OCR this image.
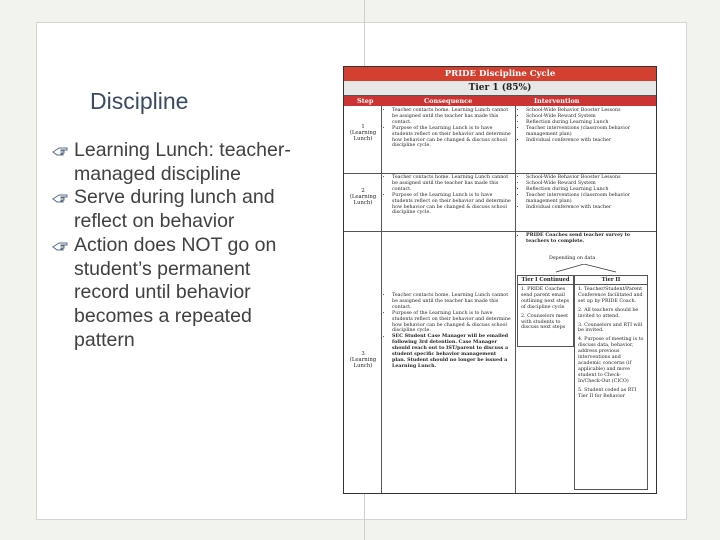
Discipline
Learning Lunch: teacher-managed discipline
Serve during lunch and reflect on behavior
Action does NOT go on student’s permanent record until behavior becomes a repeated pattern
PRIDE Discipline Cycle
Tier 1 (85%)
Step	Consequence	Intervention
1
(Learning Lunch)
• Teacher contacts home. Learning Lunch cannot be assigned until the teacher has made this contact.
• Purpose of the Learning Lunch is to have students reflect on their behavior and determine how behavior can be changed & discuss school discipline cycle.
• School-Wide Behavior Booster Lessons
• School-Wide Reward System
• Reflection during Learning Lunch
• Teacher interventions (classroom behavior management plan)
• Individual conference with teacher
2
(Learning Lunch)
• Teacher contacts home. Learning Lunch cannot be assigned until the teacher has made this contact.
• Purpose of the Learning Lunch is to have students reflect on their behavior and determine how behavior can be changed & discuss school discipline cycle.
• School-Wide Behavior Booster Lessons
• School-Wide Reward System
• Reflection during Learning Lunch
• Teacher interventions (classroom behavior management plan)
• Individual conference with teacher
3
(Learning Lunch)
• Teacher contacts home. Learning Lunch cannot be assigned until the teacher has made this contact.
• Purpose of the Learning Lunch is to have students reflect on their behavior and determine how behavior can be changed & discuss school discipline cycle.
• SEC Student Case Manager will be emailed following 3rd detention. Case Manager should reach out to IST/parent to discuss a student specific behavior management plan. Student should no longer be issued a Learning Lunch.
• PRIDE Coaches send teacher survey to teachers to complete.
Depending on data
Tier I Continued

1. PRIDE Coaches send parent email outlining next steps of discipline cycle

2. Counselors meet with students to discuss next steps

Tier II

1. Teacher/Student/Parent Conference facilitated and set up by PRIDE Coach.

2. All teachers should be invited to attend.

3. Counselors and RTI will be invited.

4. Purpose of meeting is to discuss data, behavior, address previous interventions and academic concerns (if applicable) and move student to Check-In/Check-Out (CICO)

5. Student coded as RTI Tier II for Behavior
